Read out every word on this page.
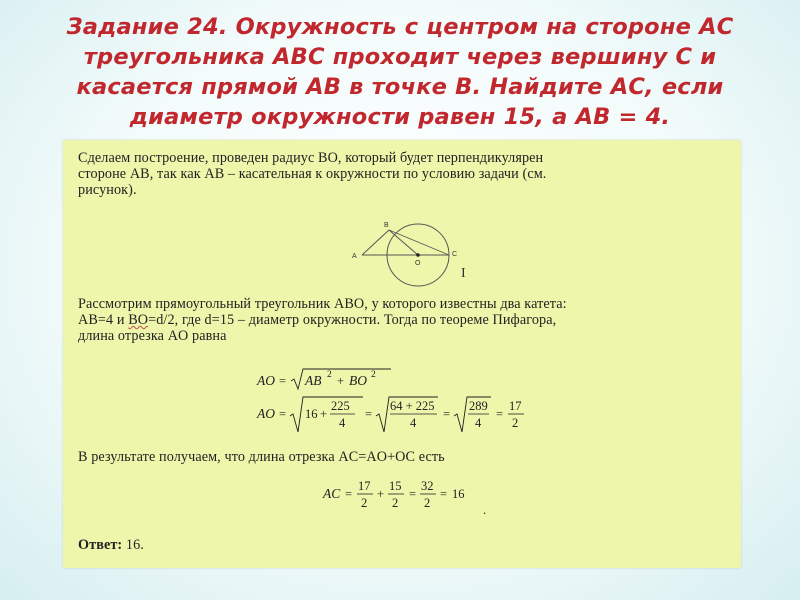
Задание 24. Окружность с центром на стороне АС
треугольника ABC проходит через вершину С и
касается прямой АВ в точке В. Найдите АС, если
диаметр окружности равен 15, а АВ = 4.
Сделаем построение, проведен радиус BO, который будет перпендикулярен
стороне AB, так как AB – касательная к окружности по условию задачи (см.
рисунок).
A
B
C
O
I
Рассмотрим прямоугольный треугольник ABO, у которого известны два катета:
AB=4 и BO=d/2, где d=15 – диаметр окружности. Тогда по теореме Пифагора,
длина отрезка AO равна
AO = AB 2 + BO 2
AO = 16 +
225
4
=
64 + 225
4
=
289
4
=
17
2
В результате получаем, что длина отрезка AC=AO+OC есть
AC =
17
2
+
15
2
=
32
2
= 16
.
Ответ: 16.
